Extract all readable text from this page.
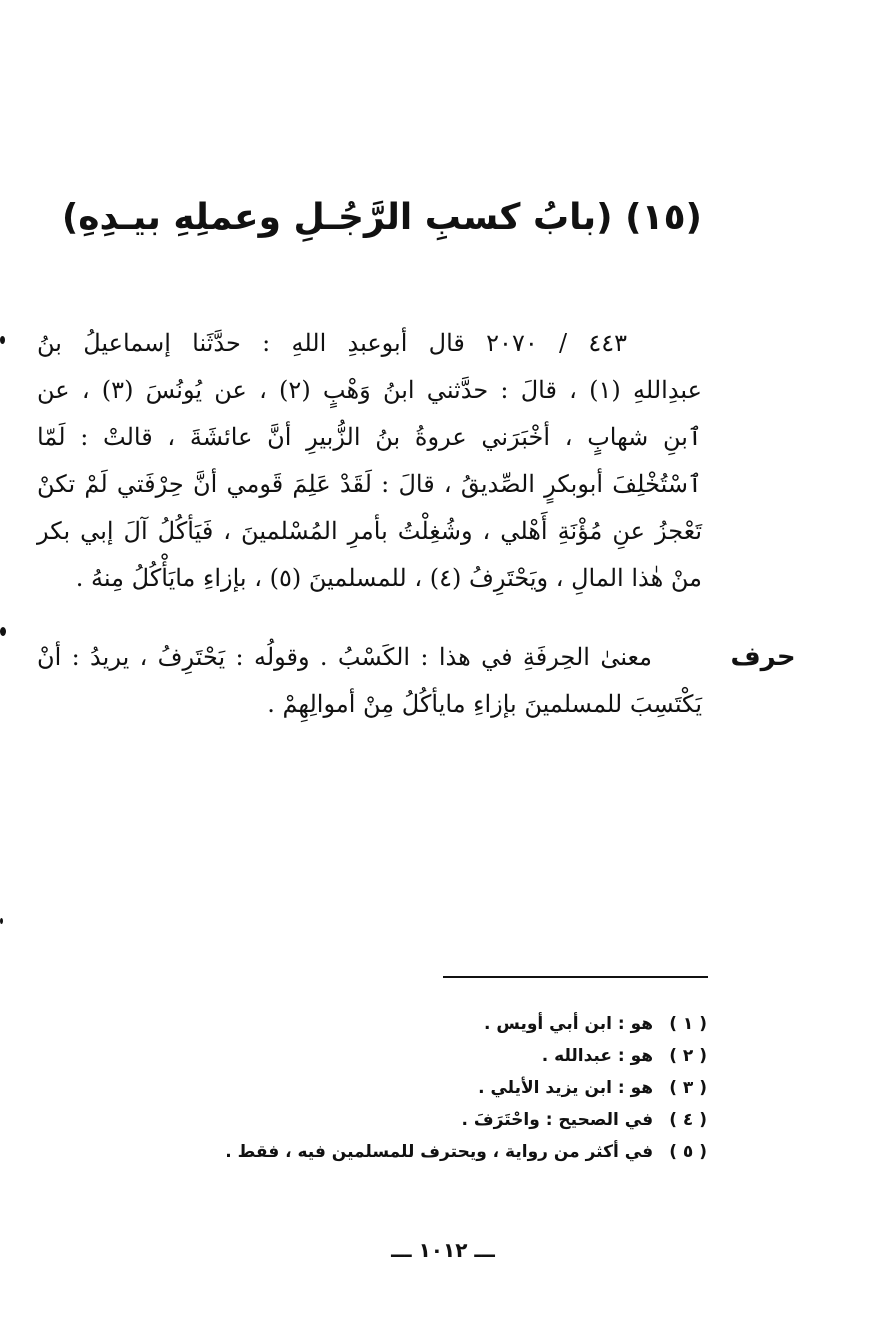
(١٥) (بابُ كسبِ الرَّجُـلِ وعملِهِ بيـدِهِ)
٤٤٣ / ٢٠٧٠ قال أبوعبدِ اللهِ : حدَّثَنا إسماعيلُ بنُ
عبدِاللهِ (١) ، قالَ : حدَّثني ابنُ وَهْبٍ (٢) ، عن يُونُسَ (٣) ، عن
ٱبنِ شهابٍ ، أخْبَرَني عروةُ بنُ الزُّبيرِ أنَّ عائشَةَ ، قالتْ : لَمّا
ٱسْتُخْلِفَ أبوبكرٍ الصِّديقُ ، قالَ : لَقَدْ عَلِمَ قَومي أنَّ حِرْفَتي لَمْ تكنْ
تَعْجزُ عنِ مُؤْنَةِ أَهْلي ، وشُغِلْتُ بأمرِ المُسْلمينَ ، فَيَأكُلُ آلَ إبي بكر
منْ هٰذا المالِ ، ويَحْتَرِفُ (٤) ، للمسلمينَ (٥) ، بإزاءِ مايَأْكُلُ مِنهُ .
حرف
معنىٰ الحِرفَةِ في هذا : الكَسْبُ . وقولُه : يَحْتَرِفُ ، يريدُ : أنْ
يَكْتَسِبَ للمسلمينَ بإزاءِ مايأكُلُ مِنْ أموالِهِمْ .
( ١ ) هو : ابن أبي أويس .
( ٢ ) هو : عبدالله .
( ٣ ) هو : ابن يزيد الأيلي .
( ٤ ) في الصحيح : واحْتَرَفَ .
( ٥ ) في أكثر من رواية ، ويحترف للمسلمين فيه ، فقط .
ـــ ١٠١٢ ـــ
